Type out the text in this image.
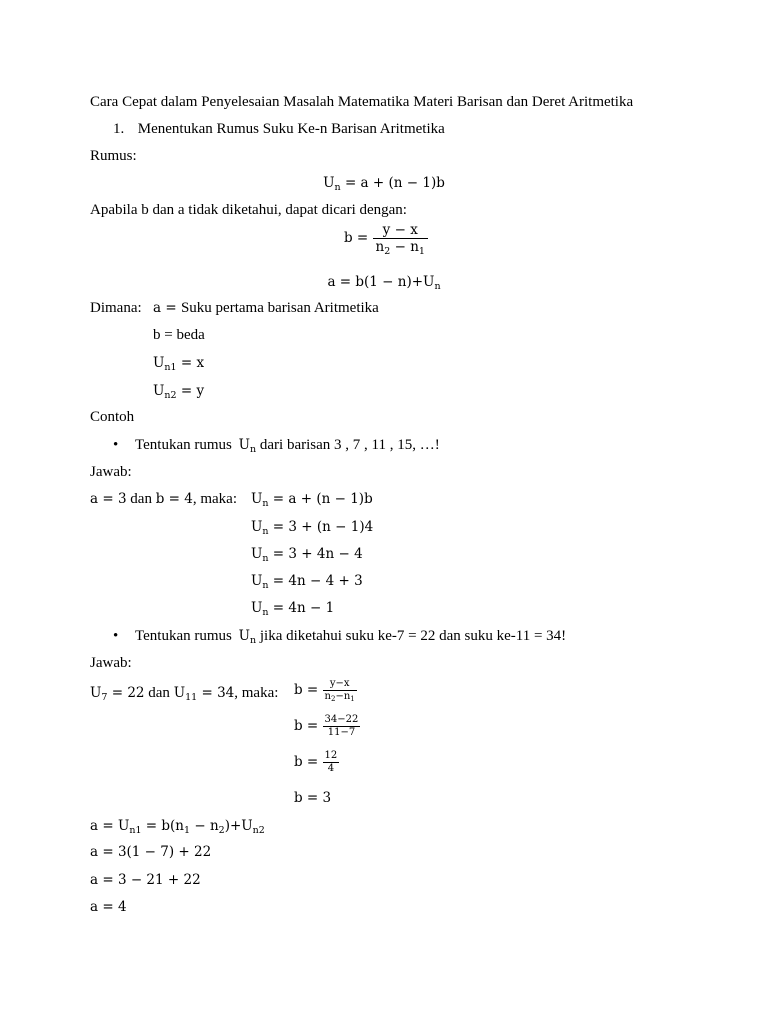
Cara Cepat dalam Penyelesaian Masalah Matematika Materi Barisan dan Deret Aritmetika
1. Menentukan Rumus Suku Ke-n Barisan Aritmetika
Rumus:
$U_n = a + (n - 1)b$
Apabila b dan a tidak diketahui, dapat dicari dengan:
$b = \frac{y - x}{n_2 - n_1}$
$a = b(1 - n)+U_n$
Dimana: a = Suku pertama barisan Aritmetika
b = beda
$U_{n1} = x$
$U_{n2} = y$
Contoh
• Tentukan rumus $U_n$ dari barisan 3 , 7 , 11 , 15, …!
Jawab:
a = 3 dan b = 4, maka: $U_n = a + (n - 1)b$
$U_n = 3 + (n - 1)4$
$U_n = 3 + 4n - 4$
$U_n = 4n - 4 + 3$
$U_n = 4n - 1$
• Tentukan rumus $U_n$ jika diketahui suku ke-7 = 22 dan suku ke-11 = 34!
Jawab:
$U_7 = 22$ dan $U_{11} = 34$, maka: $b = \frac{y-x}{n_2-n_1}$
$b = \frac{34-22}{11-7}$
$b = \frac{12}{4}$
b = 3
$a = U_{n1} = b(n_1 - n_2)+U_{n2}$
a = 3(1 − 7) + 22
a = 3 − 21 + 22
a = 4
